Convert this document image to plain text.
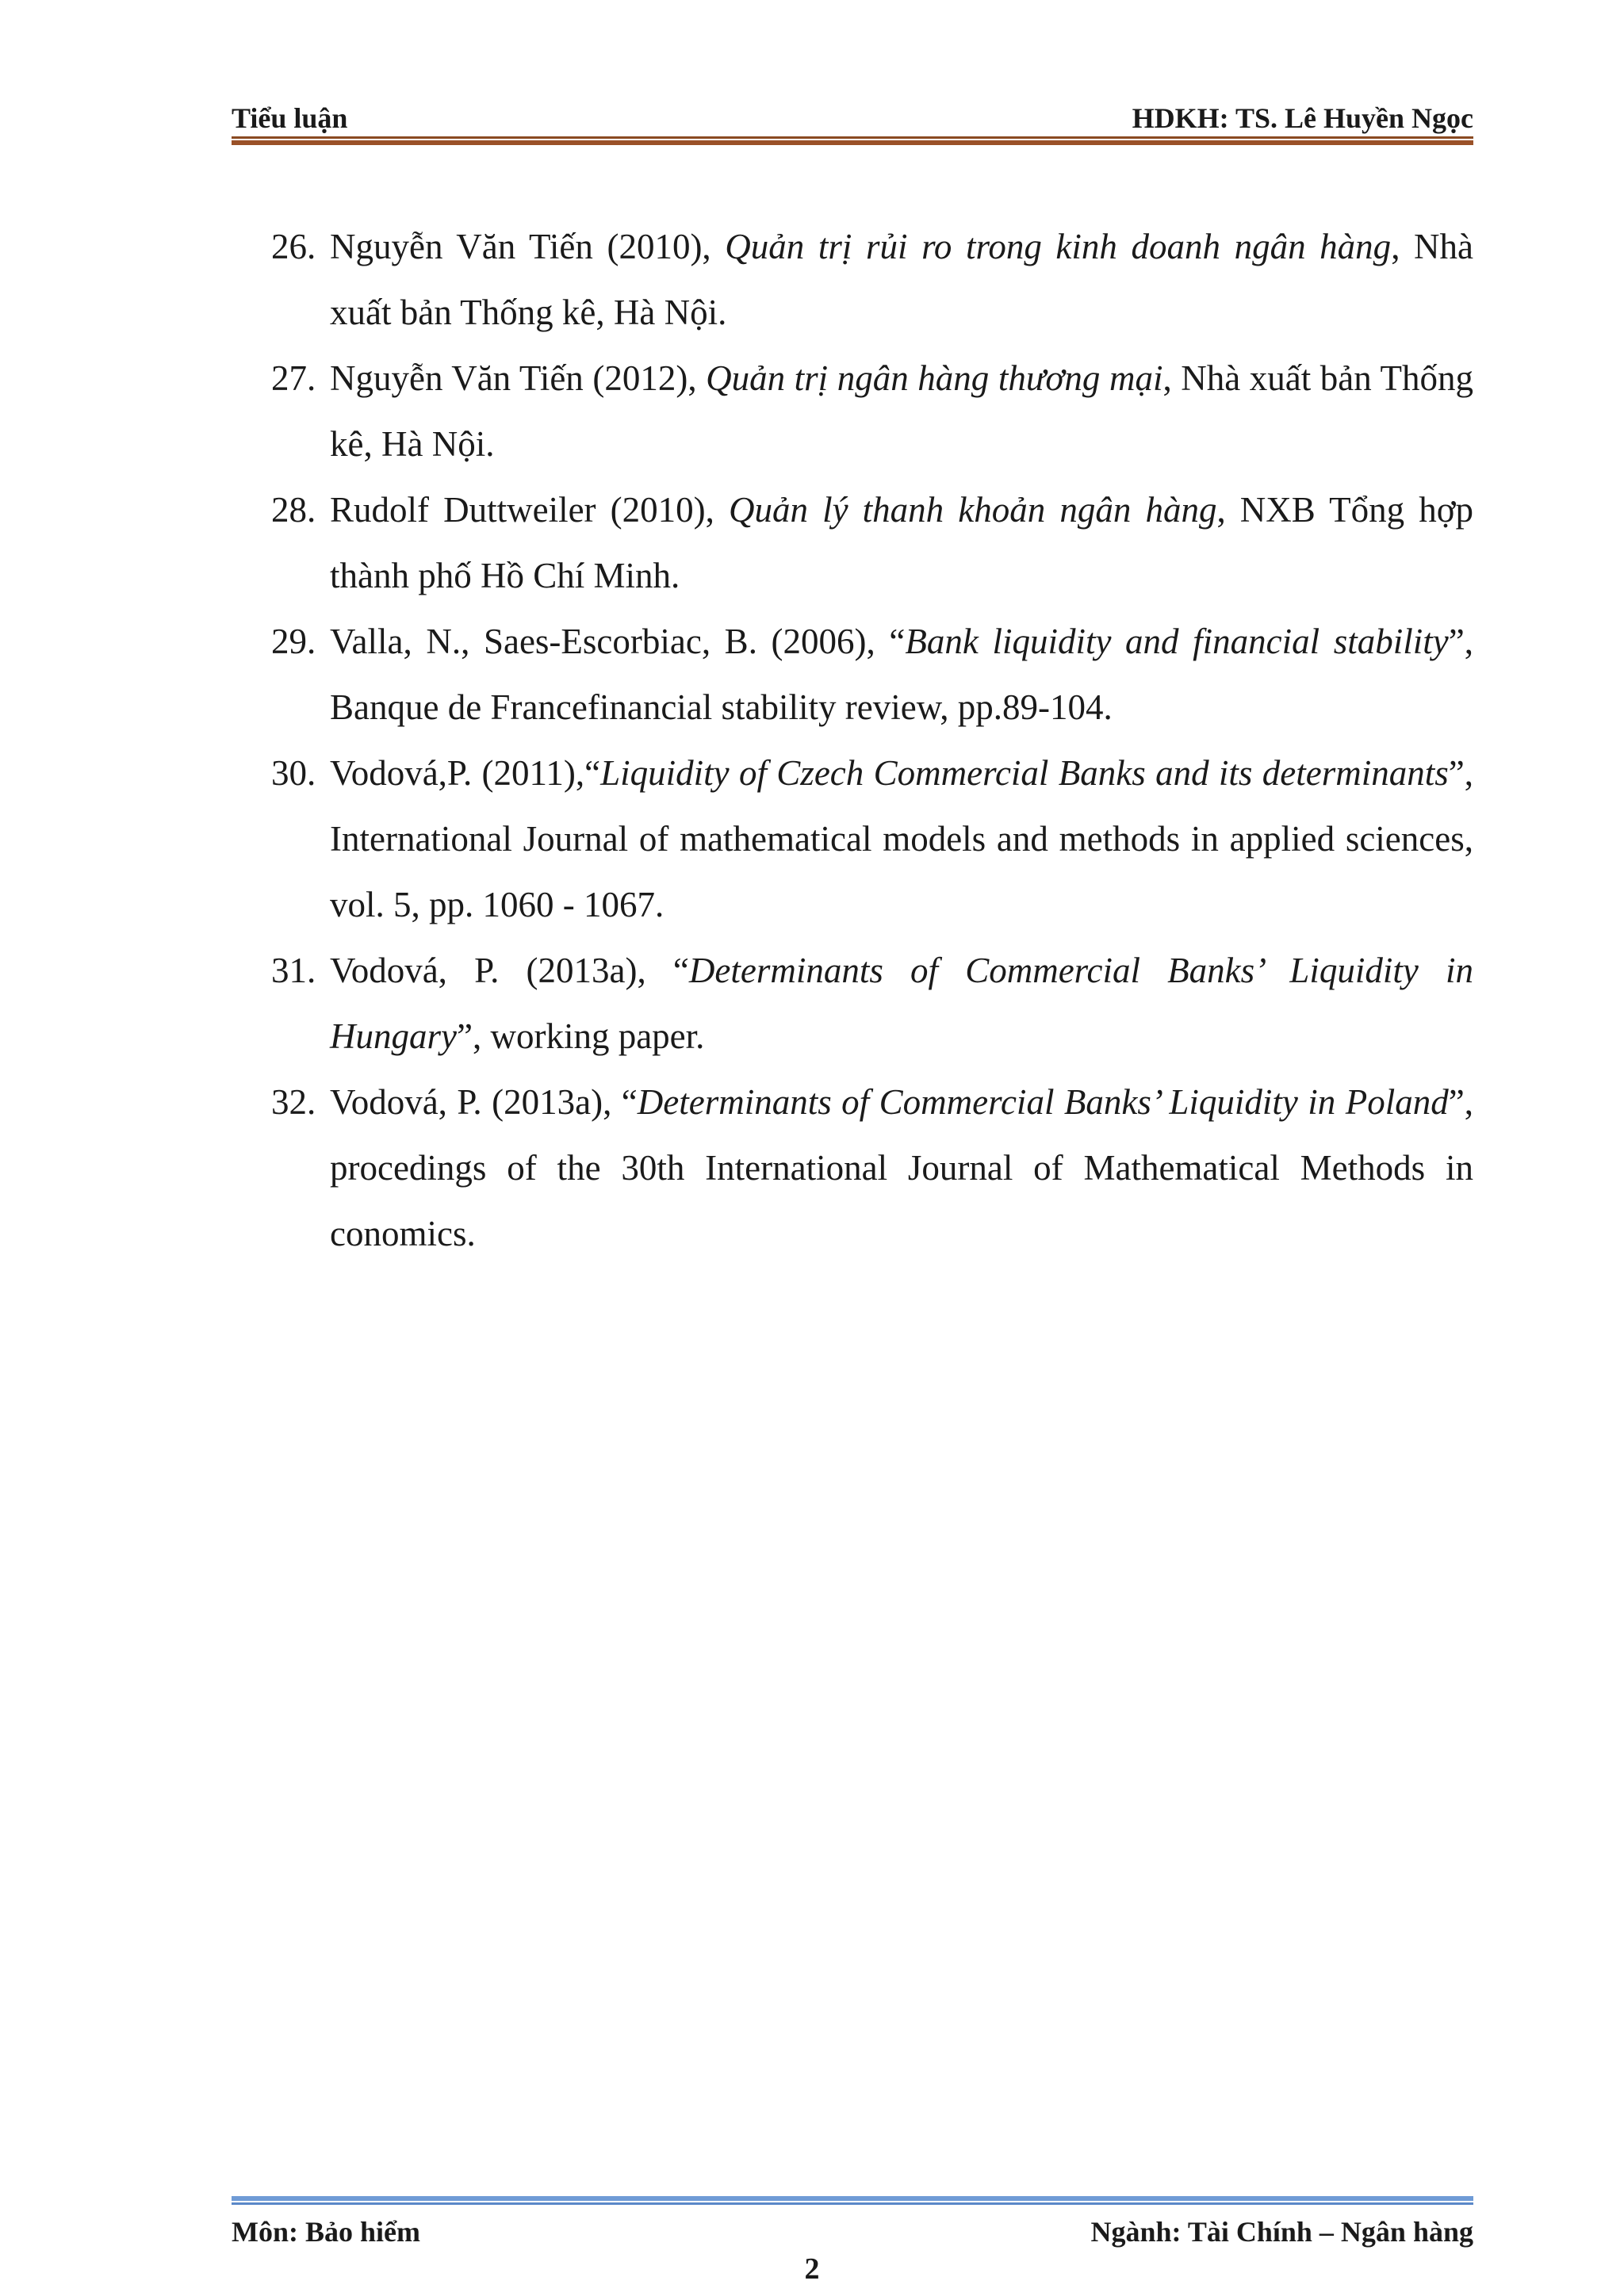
Tiểu luận	HDKH: TS. Lê Huyền Ngọc
26. Nguyễn Văn Tiến (2010), Quản trị rủi ro trong kinh doanh ngân hàng, Nhà xuất bản Thống kê, Hà Nội.
27. Nguyễn Văn Tiến (2012), Quản trị ngân hàng thương mại, Nhà xuất bản Thống kê, Hà Nội.
28. Rudolf Duttweiler (2010), Quản lý thanh khoản ngân hàng, NXB Tổng hợp thành phố Hồ Chí Minh.
29. Valla, N., Saes-Escorbiac, B. (2006), “Bank liquidity and financial stability”, Banque de Francefinancial stability review, pp.89-104.
30. Vodová,P. (2011),“Liquidity of Czech Commercial Banks and its determinants”, International Journal of mathematical models and methods in applied sciences, vol. 5, pp. 1060 - 1067.
31. Vodová, P. (2013a), “Determinants of Commercial Banks’ Liquidity in Hungary”, working paper.
32. Vodová, P. (2013a), “Determinants of Commercial Banks’ Liquidity in Poland”, procedings of the 30th International Journal of Mathematical Methods in conomics.
Môn: Bảo hiểm	Ngành: Tài Chính – Ngân hàng
2
